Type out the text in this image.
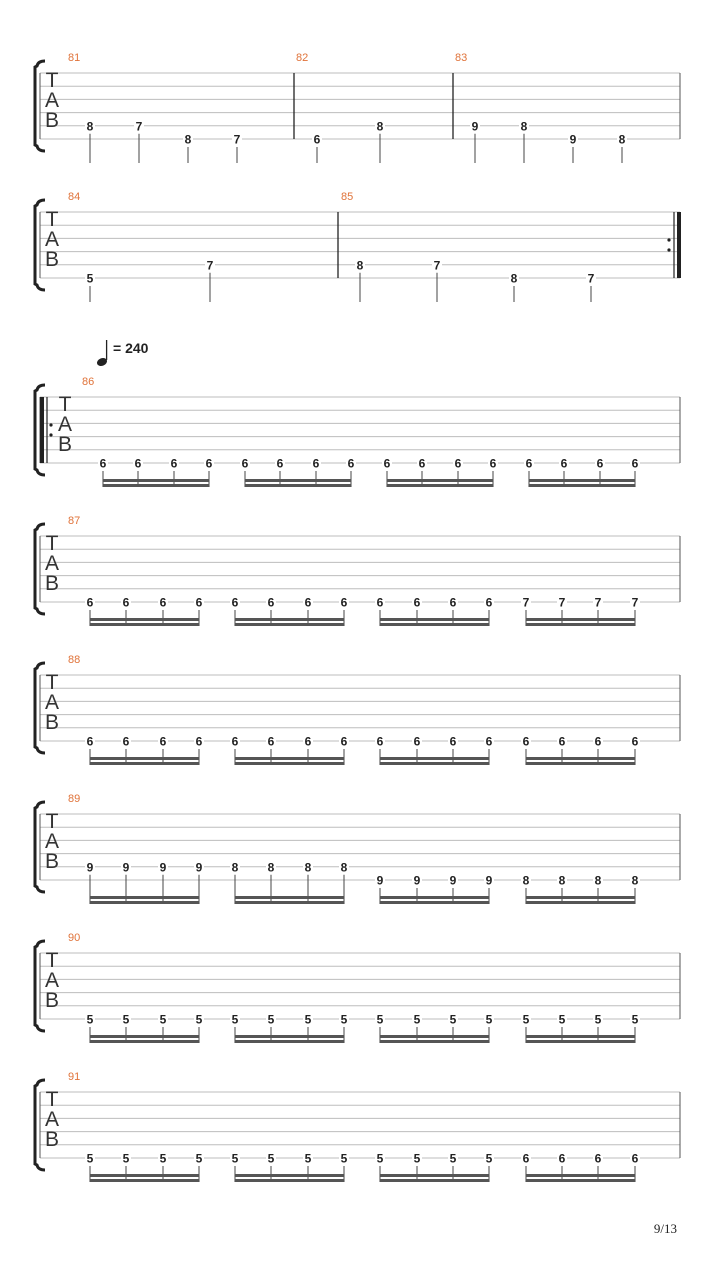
= 240
T
A
B
81
8	7
8	7
82
6
8
83
9	8
9	8
T
A
B
84
5
7
85
8	7
8	7
T
A
B
86
6 6 6 6 6 6 6 6 6 6 6 6 6 6 6 6
T
A
B
87
6 6	6 6 6 6	6 6 6	6 6 6	7 7 7	7
T
A
B
88
6 6	6 6 6 6	6 6 6	6 6 6	6 6 6	6
T
A
B
89
9 9	9 9 8 8	8 8
9	9 9 9	8 8 8	8
T
A
B
90
5 5	5 5 5 5	5 5 5	5 5 5	5 5 5	5
T
A
B
91
5 5	5 5 5 5	5 5 5	5 5 5	6 6 6	6
9/13
